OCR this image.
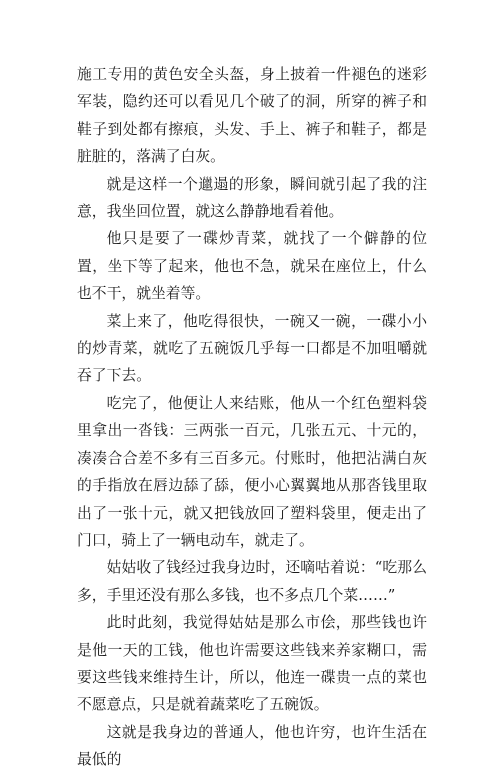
施工专用的黄色安全头盔，身上披着一件褪色的迷彩军装，隐约还可以看见几个破了的洞，所穿的裤子和鞋子到处都有擦痕，头发、手上、裤子和鞋子，都是脏脏的，落满了白灰。

就是这样一个邋遢的形象，瞬间就引起了我的注意，我坐回位置，就这么静静地看着他。

他只是要了一碟炒青菜，就找了一个僻静的位置，坐下等了起来，他也不急，就呆在座位上，什么也不干，就坐着等。

菜上来了，他吃得很快，一碗又一碗，一碟小小的炒青菜，就吃了五碗饭几乎每一口都是不加咀嚼就吞了下去。

吃完了，他便让人来结账，他从一个红色塑料袋里拿出一沓钱：三两张一百元，几张五元、十元的，凑凑合合差不多有三百多元。付账时，他把沾满白灰的手指放在唇边舔了舔，便小心翼翼地从那沓钱里取出了一张十元，就又把钱放回了塑料袋里，便走出了门口，骑上了一辆电动车，就走了。

姑姑收了钱经过我身边时，还嘀咕着说：“吃那么多，手里还没有那么多钱，也不多点几个菜……”

此时此刻，我觉得姑姑是那么市侩，那些钱也许是他一天的工钱，他也许需要这些钱来养家糊口，需要这些钱来维持生计，所以，他连一碟贵一点的菜也不愿意点，只是就着蔬菜吃了五碗饭。

这就是我身边的普通人，他也许穷，也许生活在最低的
